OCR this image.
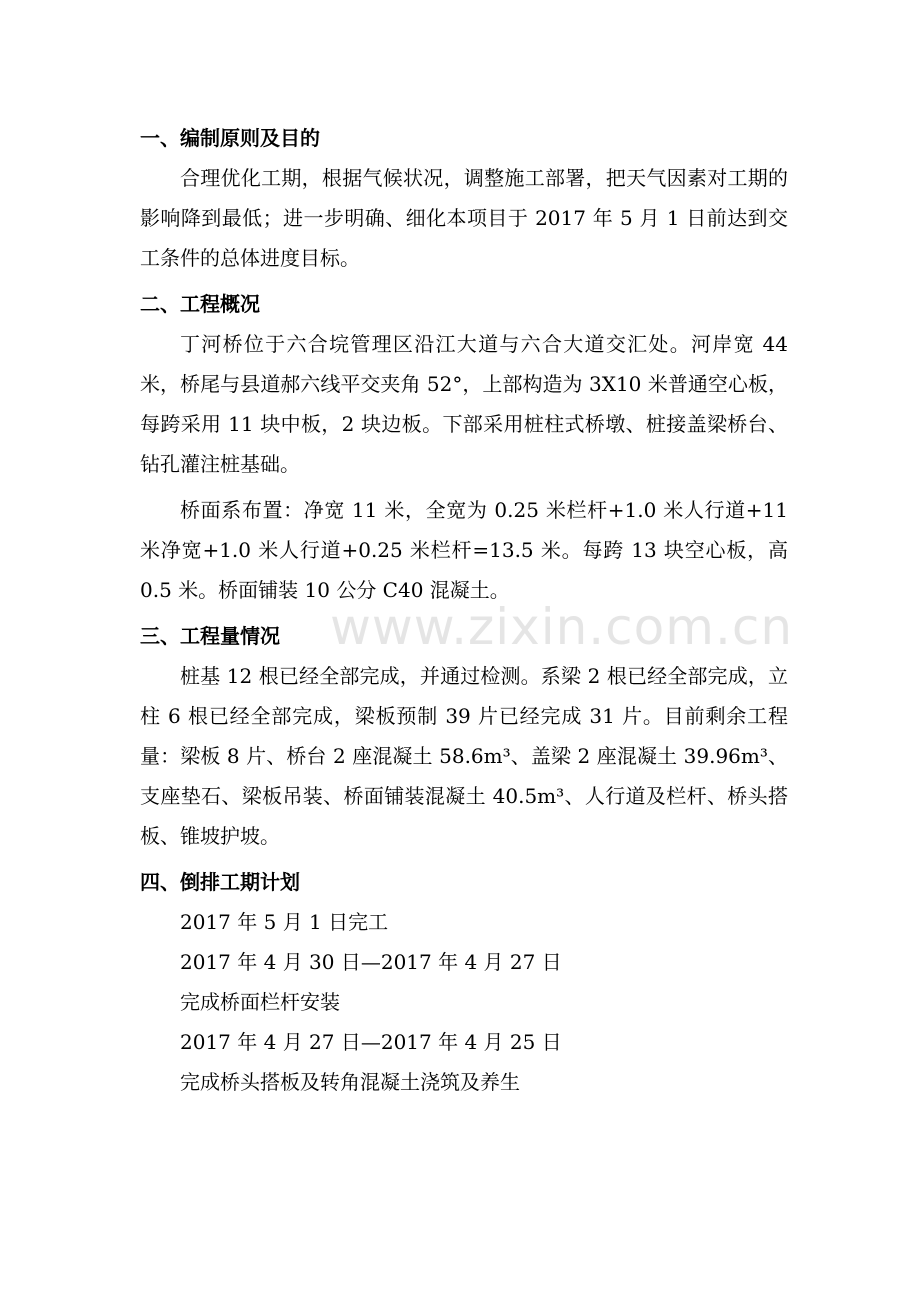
一、编制原则及目的

合理优化工期，根据气候状况，调整施工部署，把天气因素对工期的影响降到最低；进一步明确、细化本项目于 2017 年 5 月 1 日前达到交工条件的总体进度目标。

二、工程概况

丁河桥位于六合垸管理区沿江大道与六合大道交汇处。河岸宽 44 米，桥尾与县道郝六线平交夹角 52°，上部构造为 3X10 米普通空心板，每跨采用 11 块中板，2 块边板。下部采用桩柱式桥墩、桩接盖梁桥台、钻孔灌注桩基础。

桥面系布置：净宽 11 米，全宽为 0.25 米栏杆+1.0 米人行道+11 米净宽+1.0 米人行道+0.25 米栏杆=13.5 米。每跨 13 块空心板，高 0.5 米。桥面铺装 10 公分 C40 混凝土。

三、工程量情况

桩基 12 根已经全部完成，并通过检测。系梁 2 根已经全部完成，立柱 6 根已经全部完成，梁板预制 39 片已经完成 31 片。目前剩余工程量：梁板 8 片、桥台 2 座混凝土 58.6m³、盖梁 2 座混凝土 39.96m³、支座垫石、梁板吊装、桥面铺装混凝土 40.5m³、人行道及栏杆、桥头搭板、锥坡护坡。

四、倒排工期计划

2017 年 5 月 1 日完工

2017 年 4 月 30 日—2017 年 4 月 27 日

完成桥面栏杆安装

2017 年 4 月 27 日—2017 年 4 月 25 日

完成桥头搭板及转角混凝土浇筑及养生

www.zixin.com.cn
